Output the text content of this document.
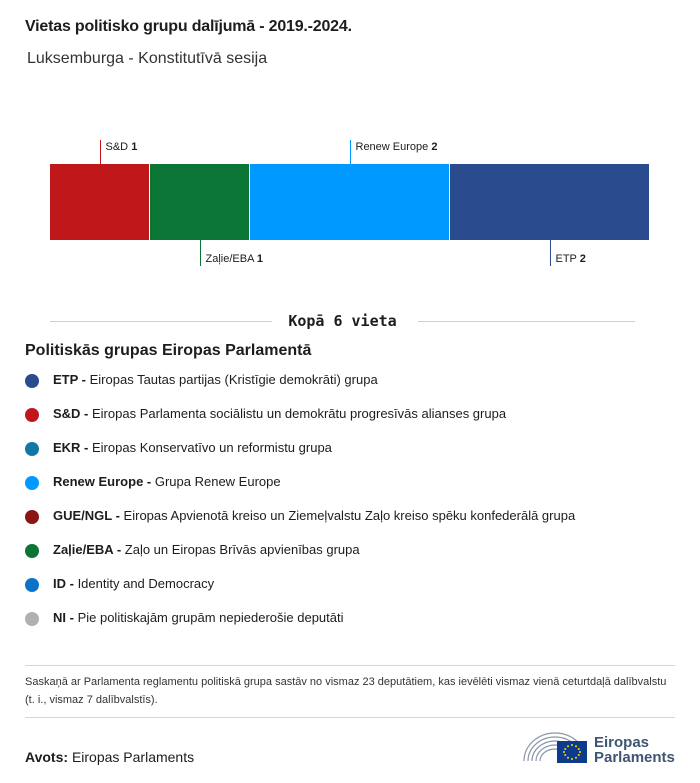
Vietas politisko grupu dalījumā - 2019.-2024.
Luksemburga - Konstitutīvā sesija
S&D 1
Zaļie/EBA 1
Renew Europe 2
ETP 2
Kopā 6 vieta
Politiskās grupas Eiropas Parlamentā
ETP - Eiropas Tautas partijas (Kristīgie demokrāti) grupa
S&D - Eiropas Parlamenta sociālistu un demokrātu progresīvās alianses grupa
EKR - Eiropas Konservatīvo un reformistu grupa
Renew Europe - Grupa Renew Europe
GUE/NGL - Eiropas Apvienotā kreiso un Ziemeļvalstu Zaļo kreiso spēku konfederālā grupa
Zaļie/EBA - Zaļo un Eiropas Brīvās apvienības grupa
ID - Identity and Democracy
NI - Pie politiskajām grupām nepiederošie deputāti
Saskaņā ar Parlamenta reglamentu politiskā grupa sastāv no vismaz 23 deputātiem, kas ievēlēti vismaz vienā ceturtdaļā dalībvalstu (t. i., vismaz 7 dalībvalstīs).
Avots: Eiropas Parlaments
Eiropas
Parlaments
